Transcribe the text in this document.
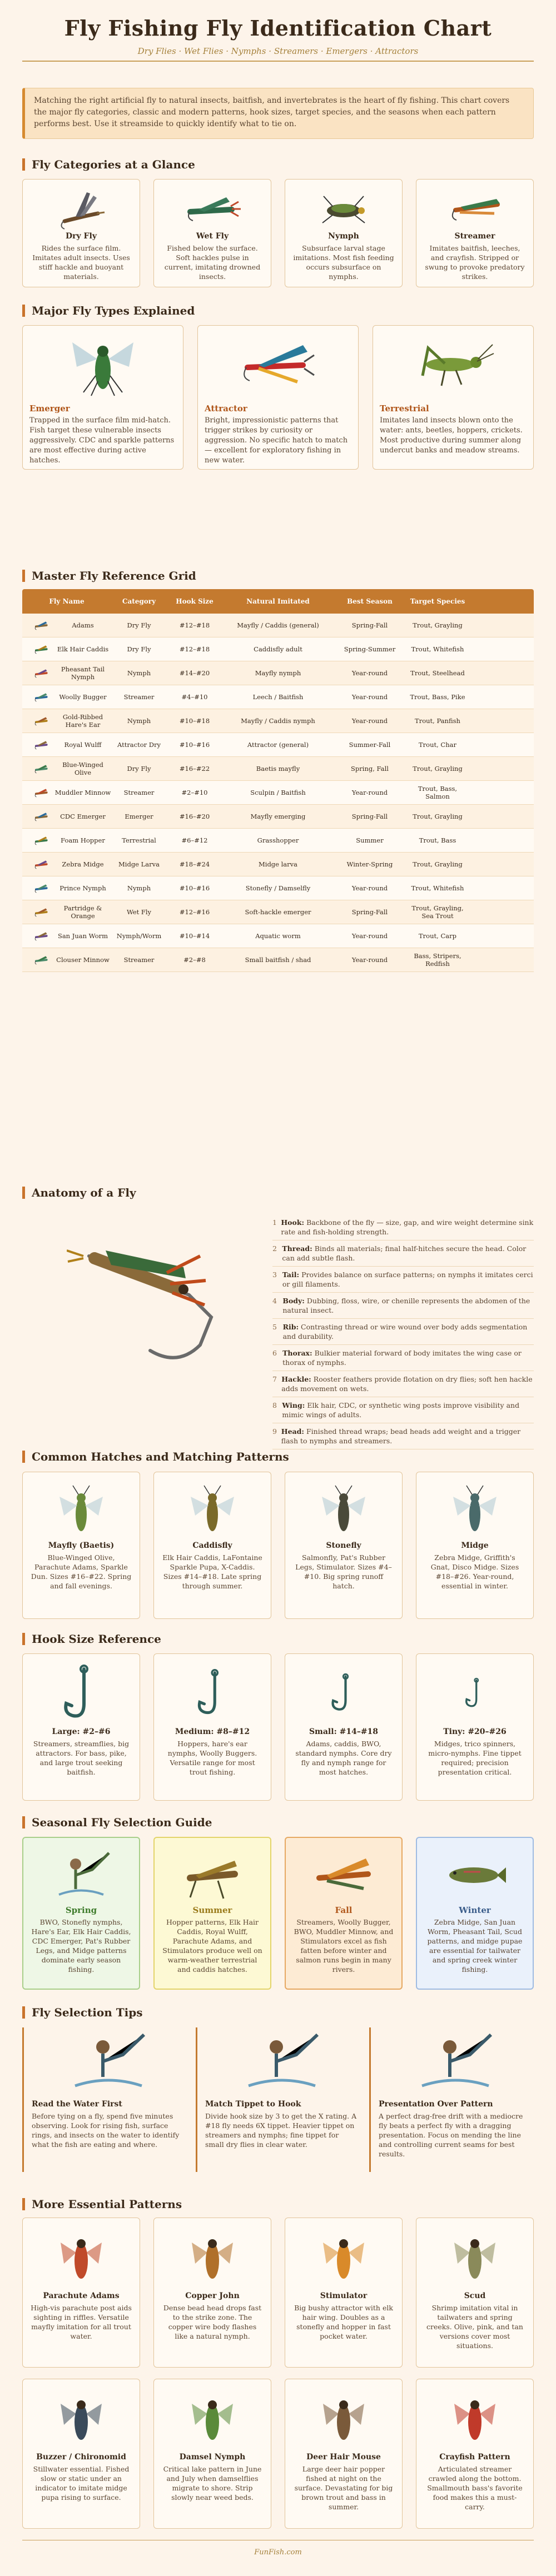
Fly Fishing Fly Identification Chart
Dry Flies · Wet Flies · Nymphs · Streamers · Emergers · Attractors
Matching the right artificial fly to natural insects, baitfish, and invertebrates is the heart of fly fishing. This chart covers the major fly categories, classic and modern patterns, hook sizes, target species, and the seasons when each pattern performs best. Use it streamside to quickly identify what to tie on.
Fly Categories at a Glance
Dry Fly
Rides the surface film. Imitates adult insects. Uses stiff hackle and buoyant materials.
Wet Fly
Fished below the surface. Soft hackles pulse in current, imitating drowned insects.
Nymph
Subsurface larval stage imitations. Most fish feeding occurs subsurface on nymphs.
Streamer
Imitates baitfish, leeches, and crayfish. Stripped or swung to provoke predatory strikes.
Major Fly Types Explained
Emerger
Trapped in the surface film mid-hatch. Fish target these vulnerable insects aggressively. CDC and sparkle patterns are most effective during active hatches.
Attractor
Bright, impressionistic patterns that trigger strikes by curiosity or aggression. No specific hatch to match — excellent for exploratory fishing in new water.
Terrestrial
Imitates land insects blown onto the water: ants, beetles, hoppers, crickets. Most productive during summer along undercut banks and meadow streams.
Master Fly Reference Grid
Fly Name	Category	Hook Size	Natural Imitated	Best Season	Target Species
Adams	Dry Fly	#12–#18	Mayfly / Caddis (general)	Spring-Fall	Trout, Grayling
Elk Hair Caddis	Dry Fly	#12–#18	Caddisfly adult	Spring-Summer	Trout, Whitefish
Pheasant Tail Nymph	Nymph	#14–#20	Mayfly nymph	Year-round	Trout, Steelhead
Woolly Bugger	Streamer	#4–#10	Leech / Baitfish	Year-round	Trout, Bass, Pike
Gold-Ribbed Hare's Ear	Nymph	#10–#18	Mayfly / Caddis nymph	Year-round	Trout, Panfish
Royal Wulff	Attractor Dry	#10–#16	Attractor (general)	Summer-Fall	Trout, Char
Blue-Winged Olive	Dry Fly	#16–#22	Baetis mayfly	Spring, Fall	Trout, Grayling
Muddler Minnow	Streamer	#2–#10	Sculpin / Baitfish	Year-round	Trout, Bass, Salmon
CDC Emerger	Emerger	#16–#20	Mayfly emerging	Spring-Fall	Trout, Grayling
Foam Hopper	Terrestrial	#6–#12	Grasshopper	Summer	Trout, Bass
Zebra Midge	Midge Larva	#18–#24	Midge larva	Winter-Spring	Trout, Grayling
Prince Nymph	Nymph	#10–#16	Stonefly / Damselfly	Year-round	Trout, Whitefish
Partridge & Orange	Wet Fly	#12–#16	Soft-hackle emerger	Spring-Fall	Trout, Grayling, Sea Trout
San Juan Worm	Nymph/Worm	#10–#14	Aquatic worm	Year-round	Trout, Carp
Clouser Minnow	Streamer	#2–#8	Small baitfish / shad	Year-round	Bass, Stripers, Redfish
Anatomy of a Fly
1 Hook: Backbone of the fly — size, gap, and wire weight determine sink rate and fish-holding strength.
2 Thread: Binds all materials; final half-hitches secure the head. Color can add subtle flash.
3 Tail: Provides balance on surface patterns; on nymphs it imitates cerci or gill filaments.
4 Body: Dubbing, floss, wire, or chenille represents the abdomen of the natural insect.
5 Rib: Contrasting thread or wire wound over body adds segmentation and durability.
6 Thorax: Bulkier material forward of body imitates the wing case or thorax of nymphs.
7 Hackle: Rooster feathers provide flotation on dry flies; soft hen hackle adds movement on wets.
8 Wing: Elk hair, CDC, or synthetic wing posts improve visibility and mimic wings of adults.
9 Head: Finished thread wraps; bead heads add weight and a trigger flash to nymphs and streamers.
Common Hatches and Matching Patterns
Mayfly (Baetis)
Blue-Winged Olive, Parachute Adams, Sparkle Dun. Sizes #16–#22. Spring and fall evenings.
Caddisfly
Elk Hair Caddis, LaFontaine Sparkle Pupa, X-Caddis. Sizes #14–#18. Late spring through summer.
Stonefly
Salmonfly, Pat's Rubber Legs, Stimulator. Sizes #4–#10. Big spring runoff hatch.
Midge
Zebra Midge, Griffith's Gnat, Disco Midge. Sizes #18–#26. Year-round, essential in winter.
Hook Size Reference
Large: #2–#6
Streamers, streamflies, big attractors. For bass, pike, and large trout seeking baitfish.
Medium: #8–#12
Hoppers, hare's ear nymphs, Woolly Buggers. Versatile range for most trout fishing.
Small: #14–#18
Adams, caddis, BWO, standard nymphs. Core dry fly and nymph range for most hatches.
Tiny: #20–#26
Midges, trico spinners, micro-nymphs. Fine tippet required; precision presentation critical.
Seasonal Fly Selection Guide
Spring
BWO, Stonefly nymphs, Hare's Ear, Elk Hair Caddis, CDC Emerger, Pat's Rubber Legs, and Midge patterns dominate early season fishing.
Summer
Hopper patterns, Elk Hair Caddis, Royal Wulff, Parachute Adams, and Stimulators produce well on warm-weather terrestrial and caddis hatches.
Fall
Streamers, Woolly Bugger, BWO, Muddler Minnow, and Stimulators excel as fish fatten before winter and salmon runs begin in many rivers.
Winter
Zebra Midge, San Juan Worm, Pheasant Tail, Scud patterns, and midge pupae are essential for tailwater and spring creek winter fishing.
Fly Selection Tips
Read the Water First
Before tying on a fly, spend five minutes observing. Look for rising fish, surface rings, and insects on the water to identify what the fish are eating and where.
Match Tippet to Hook
Divide hook size by 3 to get the X rating. A #18 fly needs 6X tippet. Heavier tippet on streamers and nymphs; fine tippet for small dry flies in clear water.
Presentation Over Pattern
A perfect drag-free drift with a mediocre fly beats a perfect fly with a dragging presentation. Focus on mending the line and controlling current seams for best results.
More Essential Patterns
Parachute Adams
High-vis parachute post aids sighting in riffles. Versatile mayfly imitation for all trout water.
Copper John
Dense bead head drops fast to the strike zone. The copper wire body flashes like a natural nymph.
Stimulator
Big bushy attractor with elk hair wing. Doubles as a stonefly and hopper in fast pocket water.
Scud
Shrimp imitation vital in tailwaters and spring creeks. Olive, pink, and tan versions cover most situations.
Buzzer / Chironomid
Stillwater essential. Fished slow or static under an indicator to imitate midge pupa rising to surface.
Damsel Nymph
Critical lake pattern in June and July when damselflies migrate to shore. Strip slowly near weed beds.
Deer Hair Mouse
Large deer hair popper fished at night on the surface. Devastating for big brown trout and bass in summer.
Crayfish Pattern
Articulated streamer crawled along the bottom. Smallmouth bass's favorite food makes this a must-carry.
FunFish.com
